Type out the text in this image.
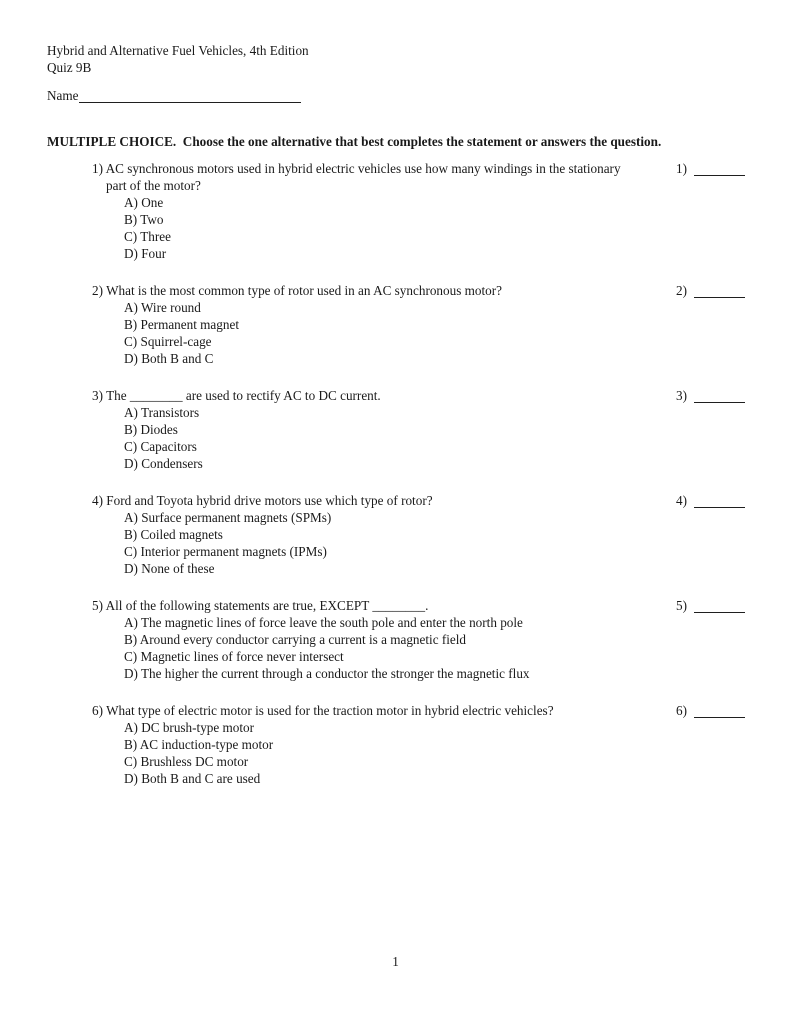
Hybrid and Alternative Fuel Vehicles, 4th Edition
Quiz 9B
Name
MULTIPLE CHOICE.  Choose the one alternative that best completes the statement or answers the question.
1) AC synchronous motors used in hybrid electric vehicles use how many windings in the stationary part of the motor?
A) One
B) Two
C) Three
D) Four
1)
2) What is the most common type of rotor used in an AC synchronous motor?
A) Wire round
B) Permanent magnet
C) Squirrel-cage
D) Both B and C
2)
3) The ________ are used to rectify AC to DC current.
A) Transistors
B) Diodes
C) Capacitors
D) Condensers
3)
4) Ford and Toyota hybrid drive motors use which type of rotor?
A) Surface permanent magnets (SPMs)
B) Coiled magnets
C) Interior permanent magnets (IPMs)
D) None of these
4)
5) All of the following statements are true, EXCEPT ________.
A) The magnetic lines of force leave the south pole and enter the north pole
B) Around every conductor carrying a current is a magnetic field
C) Magnetic lines of force never intersect
D) The higher the current through a conductor the stronger the magnetic flux
5)
6) What type of electric motor is used for the traction motor in hybrid electric vehicles?
A) DC brush-type motor
B) AC induction-type motor
C) Brushless DC motor
D) Both B and C are used
6)
1
